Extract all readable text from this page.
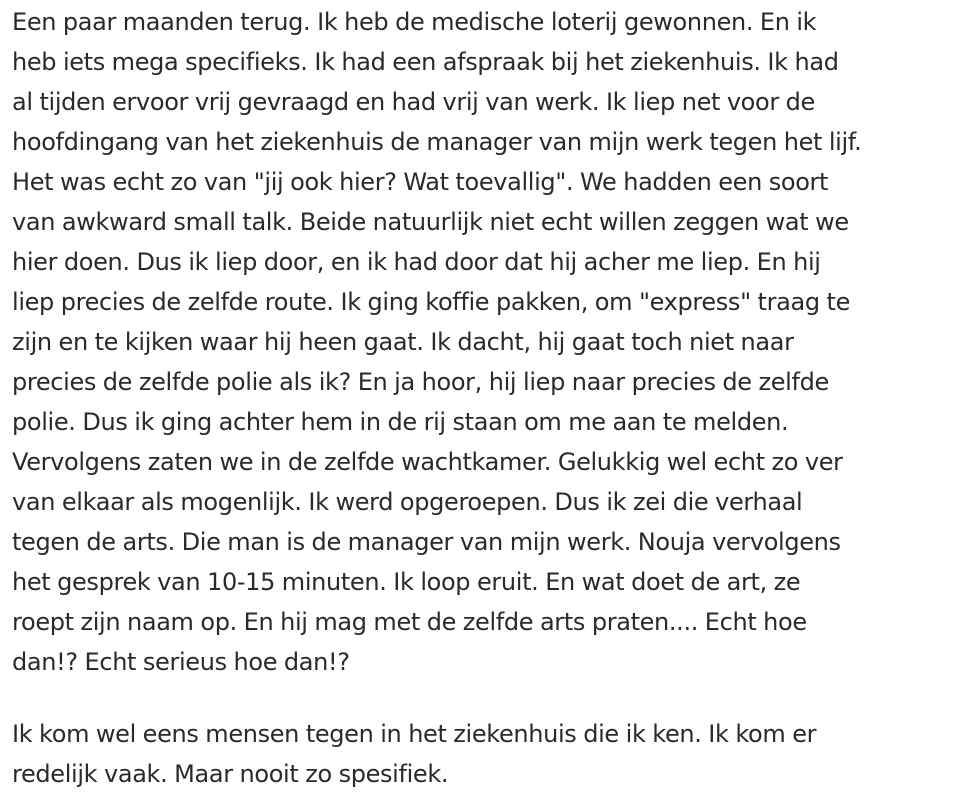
Een paar maanden terug. Ik heb de medische loterij gewonnen. En ik
heb iets mega specifieks. Ik had een afspraak bij het ziekenhuis. Ik had
al tijden ervoor vrij gevraagd en had vrij van werk. Ik liep net voor de
hoofdingang van het ziekenhuis de manager van mijn werk tegen het lijf.
Het was echt zo van "jij ook hier? Wat toevallig". We hadden een soort
van awkward small talk. Beide natuurlijk niet echt willen zeggen wat we
hier doen. Dus ik liep door, en ik had door dat hij acher me liep. En hij
liep precies de zelfde route. Ik ging koffie pakken, om "express" traag te
zijn en te kijken waar hij heen gaat. Ik dacht, hij gaat toch niet naar
precies de zelfde polie als ik? En ja hoor, hij liep naar precies de zelfde
polie. Dus ik ging achter hem in de rij staan om me aan te melden.
Vervolgens zaten we in de zelfde wachtkamer. Gelukkig wel echt zo ver
van elkaar als mogenlijk. Ik werd opgeroepen. Dus ik zei die verhaal
tegen de arts. Die man is de manager van mijn werk. Nouja vervolgens
het gesprek van 10-15 minuten. Ik loop eruit. En wat doet de art, ze
roept zijn naam op. En hij mag met de zelfde arts praten.... Echt hoe
dan!? Echt serieus hoe dan!?

Ik kom wel eens mensen tegen in het ziekenhuis die ik ken. Ik kom er
redelijk vaak. Maar nooit zo spesifiek.
